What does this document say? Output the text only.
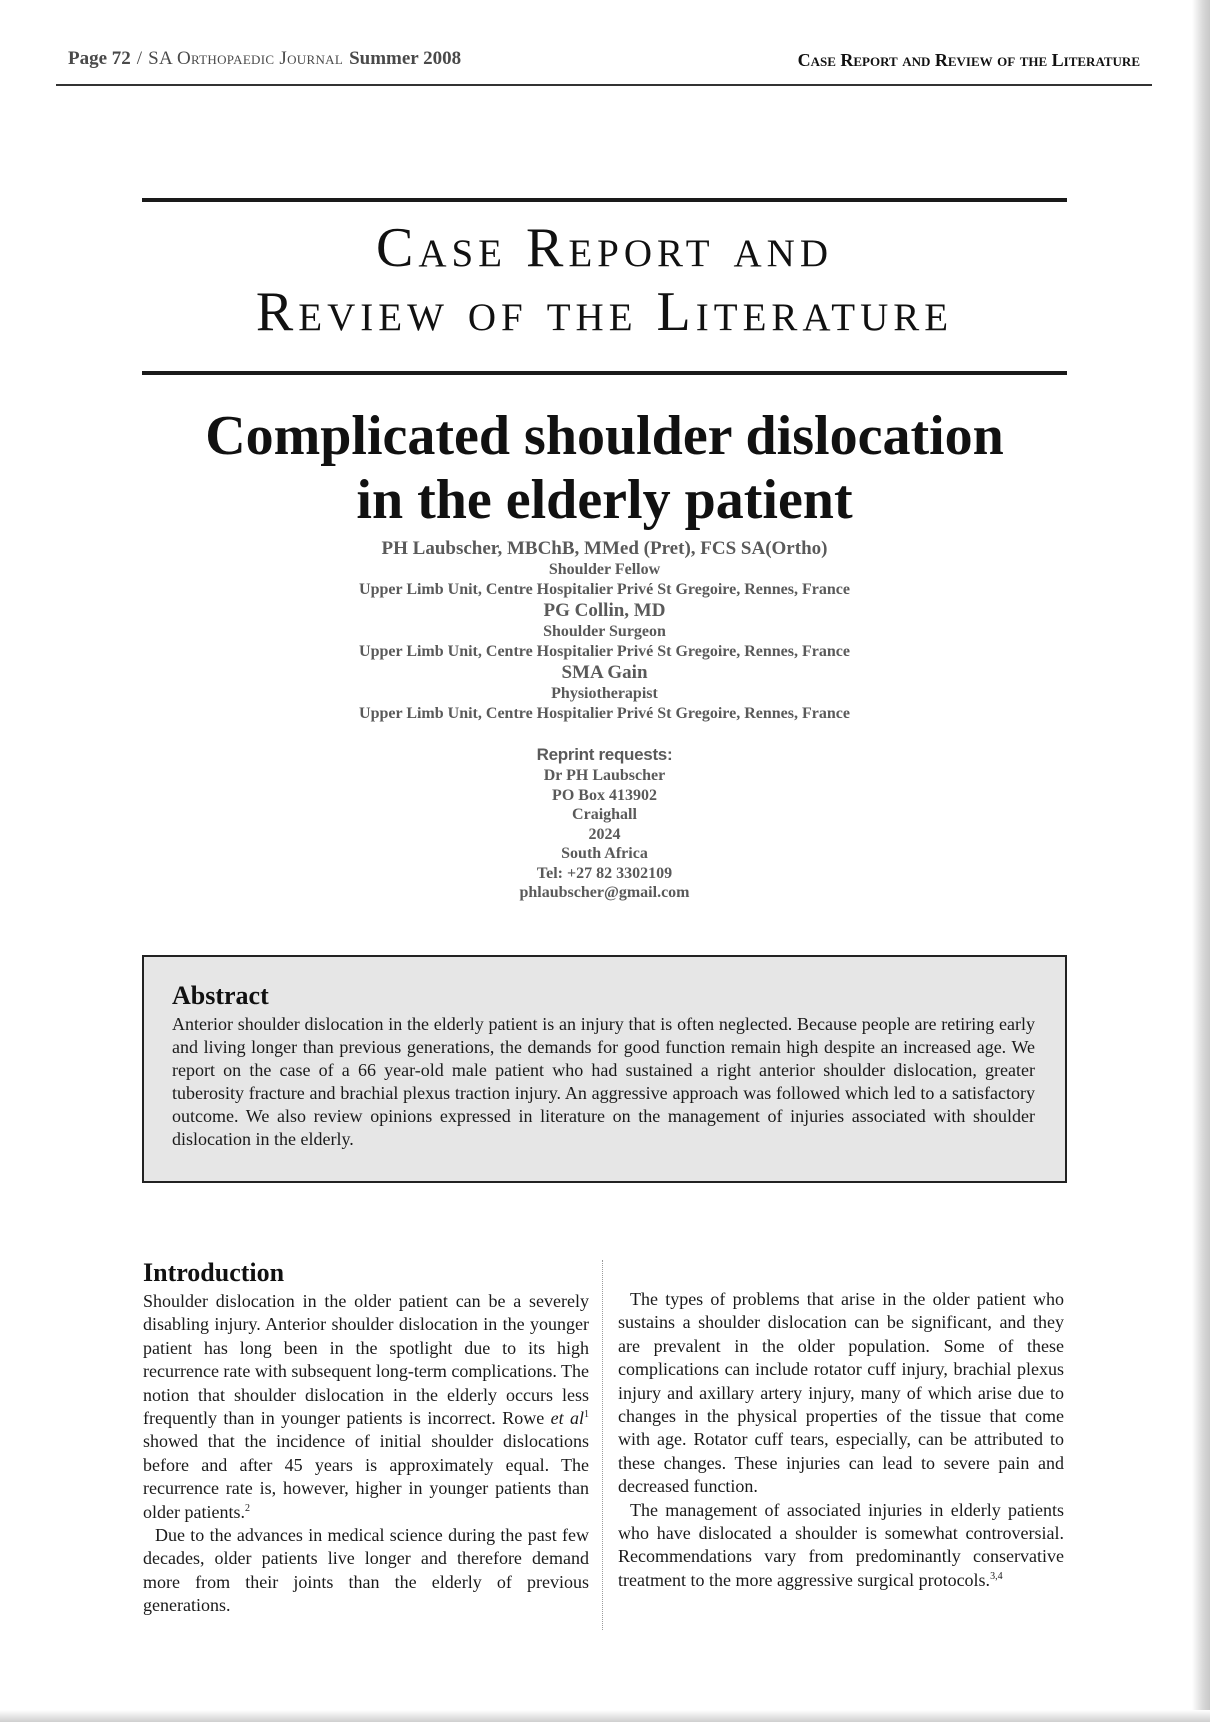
Page 72 / SA Orthopaedic Journal Summer 2008	Case Report and Review of the Literature
Case Report and
Review of the Literature
Complicated shoulder dislocation
in the elderly patient
PH Laubscher, MBChB, MMed (Pret), FCS SA(Ortho)
Shoulder Fellow
Upper Limb Unit, Centre Hospitalier Privé St Gregoire, Rennes, France
PG Collin, MD
Shoulder Surgeon
Upper Limb Unit, Centre Hospitalier Privé St Gregoire, Rennes, France
SMA Gain
Physiotherapist
Upper Limb Unit, Centre Hospitalier Privé St Gregoire, Rennes, France
Reprint requests:
Dr PH Laubscher
PO Box 413902
Craighall
2024
South Africa
Tel: +27 82 3302109
phlaubscher@gmail.com
Abstract
Anterior shoulder dislocation in the elderly patient is an injury that is often neglected. Because people are retiring early and living longer than previous generations, the demands for good function remain high despite an increased age. We report on the case of a 66 year-old male patient who had sustained a right anterior shoulder dislocation, greater tuberosity fracture and brachial plexus traction injury. An aggressive approach was followed which led to a satisfactory outcome. We also review opinions expressed in literature on the management of injuries associated with shoulder dislocation in the elderly.
Introduction

Shoulder dislocation in the older patient can be a severely disabling injury. Anterior shoulder dislocation in the younger patient has long been in the spotlight due to its high recurrence rate with subsequent long-term complications. The notion that shoulder dislocation in the elderly occurs less frequently than in younger patients is incorrect. Rowe et $al^1$ showed that the incidence of initial shoulder dislocations before and after 45 years is approximately equal. The recurrence rate is, however, higher in younger patients than older patients.$^2$

Due to the advances in medical science during the past few decades, older patients live longer and therefore demand more from their joints than the elderly of previous generations.

The types of problems that arise in the older patient who sustains a shoulder dislocation can be significant, and they are prevalent in the older population. Some of these complications can include rotator cuff injury, brachial plexus injury and axillary artery injury, many of which arise due to changes in the physical properties of the tissue that come with age. Rotator cuff tears, especially, can be attributed to these changes. These injuries can lead to severe pain and decreased function.

The management of associated injuries in elderly patients who have dislocated a shoulder is somewhat controversial. Recommendations vary from predominantly conservative treatment to the more aggressive surgical protocols.$^{3,4}$
